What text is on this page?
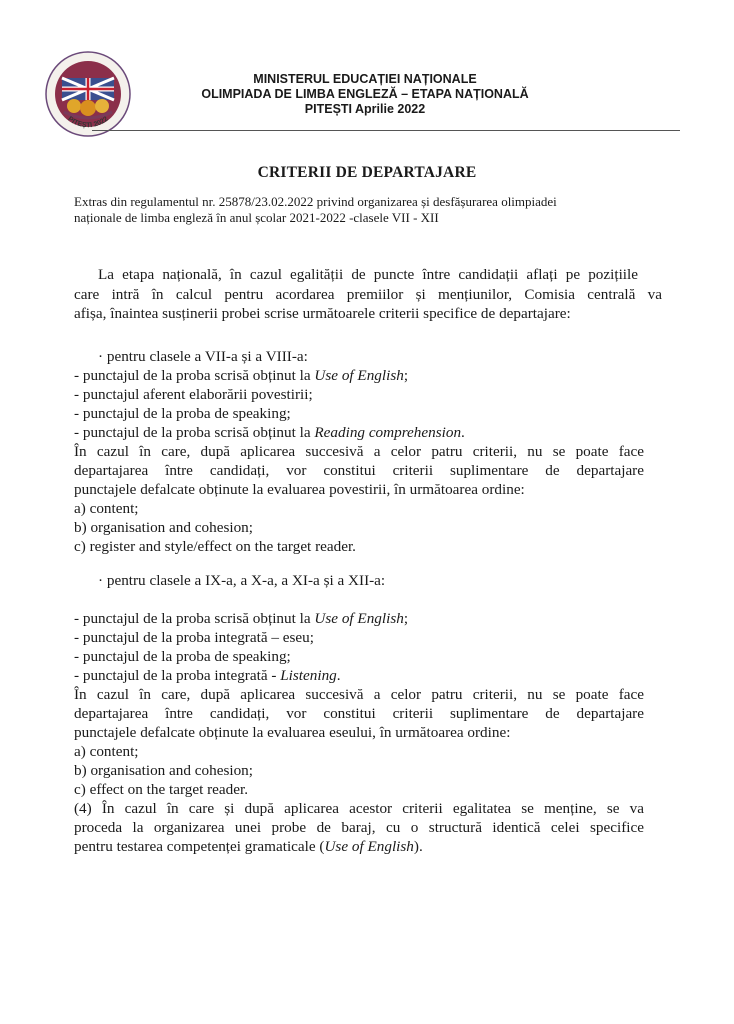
PITEȘTI 2022
MINISTERUL EDUCAȚIEI NAȚIONALE
OLIMPIADA DE LIMBA ENGLEZĂ – ETAPA NAȚIONALĂ
PITEȘTI Aprilie 2022
CRITERII DE DEPARTAJARE
Extras din regulamentul nr. 25878/23.02.2022 privind organizarea și desfășurarea olimpiadei
naționale de limba engleză în anul școlar 2021-2022 -clasele VII - XII
La etapa națională, în cazul egalității de puncte între candidații aflați pe pozițiile
care intră în calcul pentru acordarea premiilor și mențiunilor, Comisia centrală va
afișa, înaintea susținerii probei scrise următoarele criterii specifice de departajare:
· pentru clasele a VII-a și a VIII-a:
- punctajul de la proba scrisă obținut la Use of English;
- punctajul aferent elaborării povestirii;
- punctajul de la proba de speaking;
- punctajul de la proba scrisă obținut la Reading comprehension.
În cazul în care, după aplicarea succesivă a celor patru criterii, nu se poate face
departajarea între candidați, vor constitui criterii suplimentare de departajare
punctajele defalcate obținute la evaluarea povestirii, în următoarea ordine:
a) content;
b) organisation and cohesion;
c) register and style/effect on the target reader.
· pentru clasele a IX-a, a X-a, a XI-a și a XII-a:
- punctajul de la proba scrisă obținut la Use of English;
- punctajul de la proba integrată – eseu;
- punctajul de la proba de speaking;
- punctajul de la proba integrată - Listening.
În cazul în care, după aplicarea succesivă a celor patru criterii, nu se poate face
departajarea între candidați, vor constitui criterii suplimentare de departajare
punctajele defalcate obținute la evaluarea eseului, în următoarea ordine:
a) content;
b) organisation and cohesion;
c) effect on the target reader.
(4) În cazul în care și după aplicarea acestor criterii egalitatea se menține, se va
proceda la organizarea unei probe de baraj, cu o structură identică celei specifice
pentru testarea competenței gramaticale (Use of English).
